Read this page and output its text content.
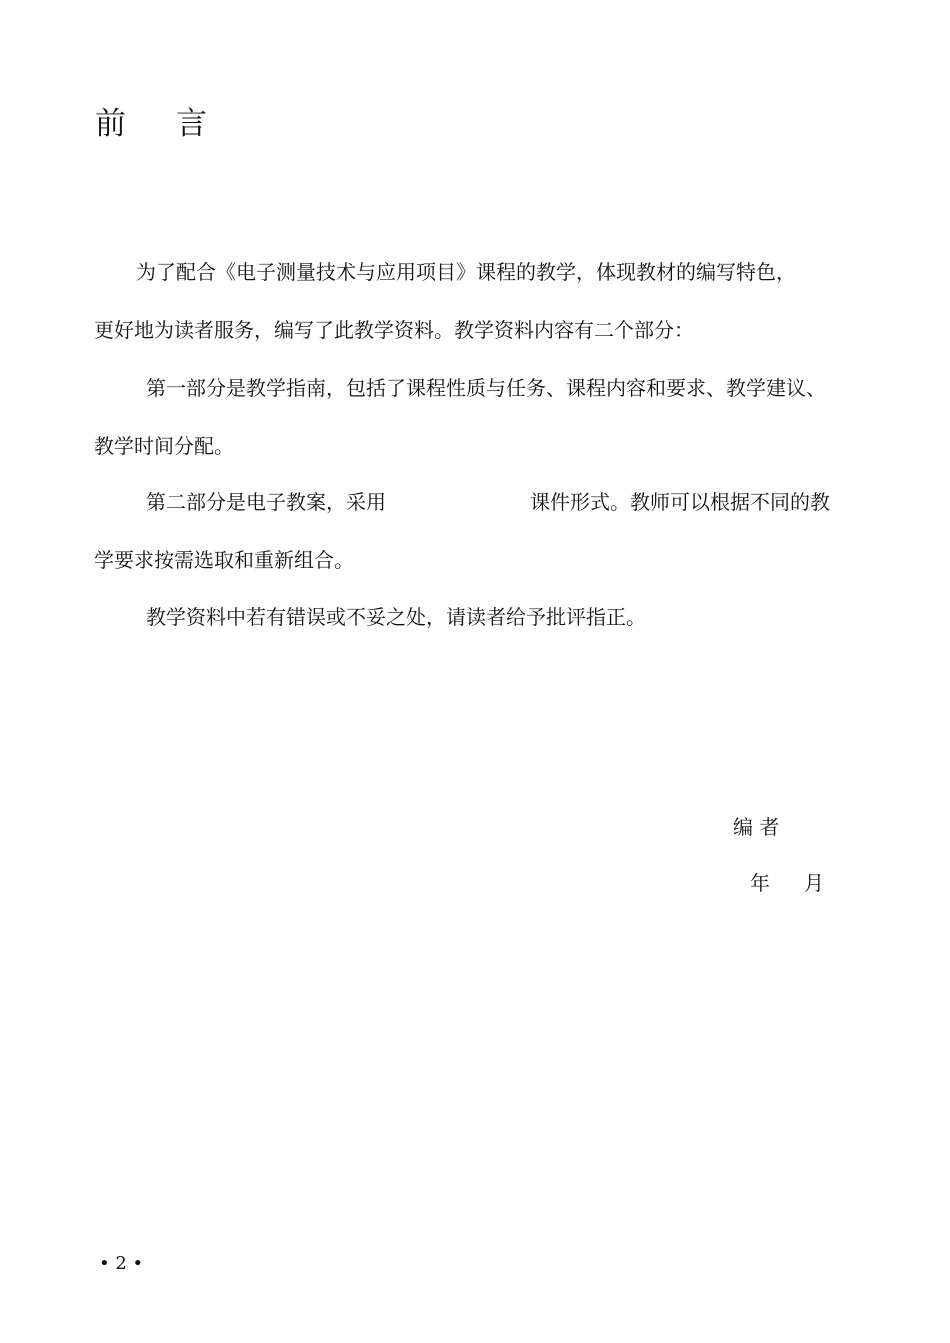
前 言
为了配合《电子测量技术与应用项目》课程的教学，体现教材的编写特色，
更好地为读者服务，编写了此教学资料。教学资料内容有二个部分：
第一部分是教学指南，包括了课程性质与任务、课程内容和要求、教学建议、
教学时间分配。
第二部分是电子教案，采用	课件形式。教师可以根据不同的教
学要求按需选取和重新组合。
教学资料中若有错误或不妥之处，请读者给予批评指正。
编 者
年 月
• 2 •
